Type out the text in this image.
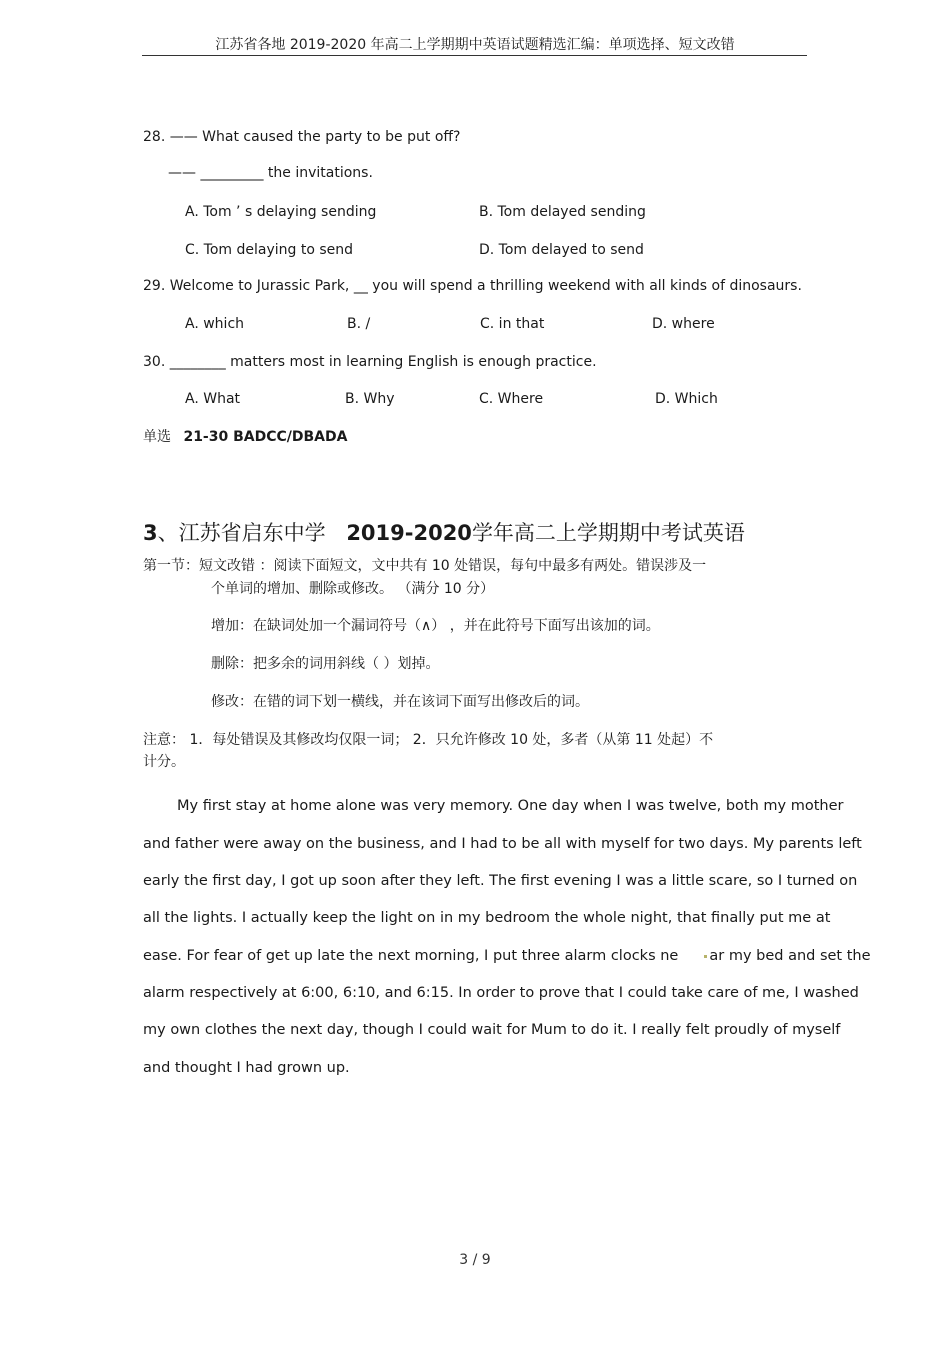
江苏省各地 2019-2020 年高二上学期期中英语试题精选汇编：单项选择、短文改错
28. —— What caused the party to be put off?
—— _________ the invitations.
A. Tom ’ s delaying sending	B. Tom delayed sending
C. Tom delaying to send	D. Tom delayed to send
29. Welcome to Jurassic Park, __ you will spend a thrilling weekend with all kinds of dinosaurs.
A. which	B. /	C. in that	D. where
30. ________ matters most in learning English is enough practice.
A. What	B. Why	C. Where	D. Which
单选 21-30 BADCC/DBADA
3、江苏省启东中学 2019-2020学年高二上学期期中考试英语
第一节：短文改错 ：阅读下面短文，文中共有 10 处错误，每句中最多有两处。错误涉及一
个单词的增加、删除或修改。 （满分 10 分）
增加：在缺词处加一个漏词符号（∧） ，并在此符号下面写出该加的词。
删除：把多余的词用斜线（ ）划掉。
修改：在错的词下划一横线，并在该词下面写出修改后的词。
注意： 1．每处错误及其修改均仅限一词； 2．只允许修改 10 处，多者（从第 11 处起）不
计分。
My first stay at home alone was very memory. One day when I was twelve, both my mother
and father were away on the business, and I had to be all with myself for two days. My parents left
early the first day, I got up soon after they left. The first evening I was a little scare, so I turned on
all the lights. I actually keep the light on in my bedroom the whole night, that finally put me at
ease. For fear of get up late the next morning, I put three alarm clocks ne ar my bed and set the
alarm respectively at 6:00, 6:10, and 6:15. In order to prove that I could take care of me, I washed
my own clothes the next day, though I could wait for Mum to do it. I really felt proudly of myself
and thought I had grown up.
3 / 9
